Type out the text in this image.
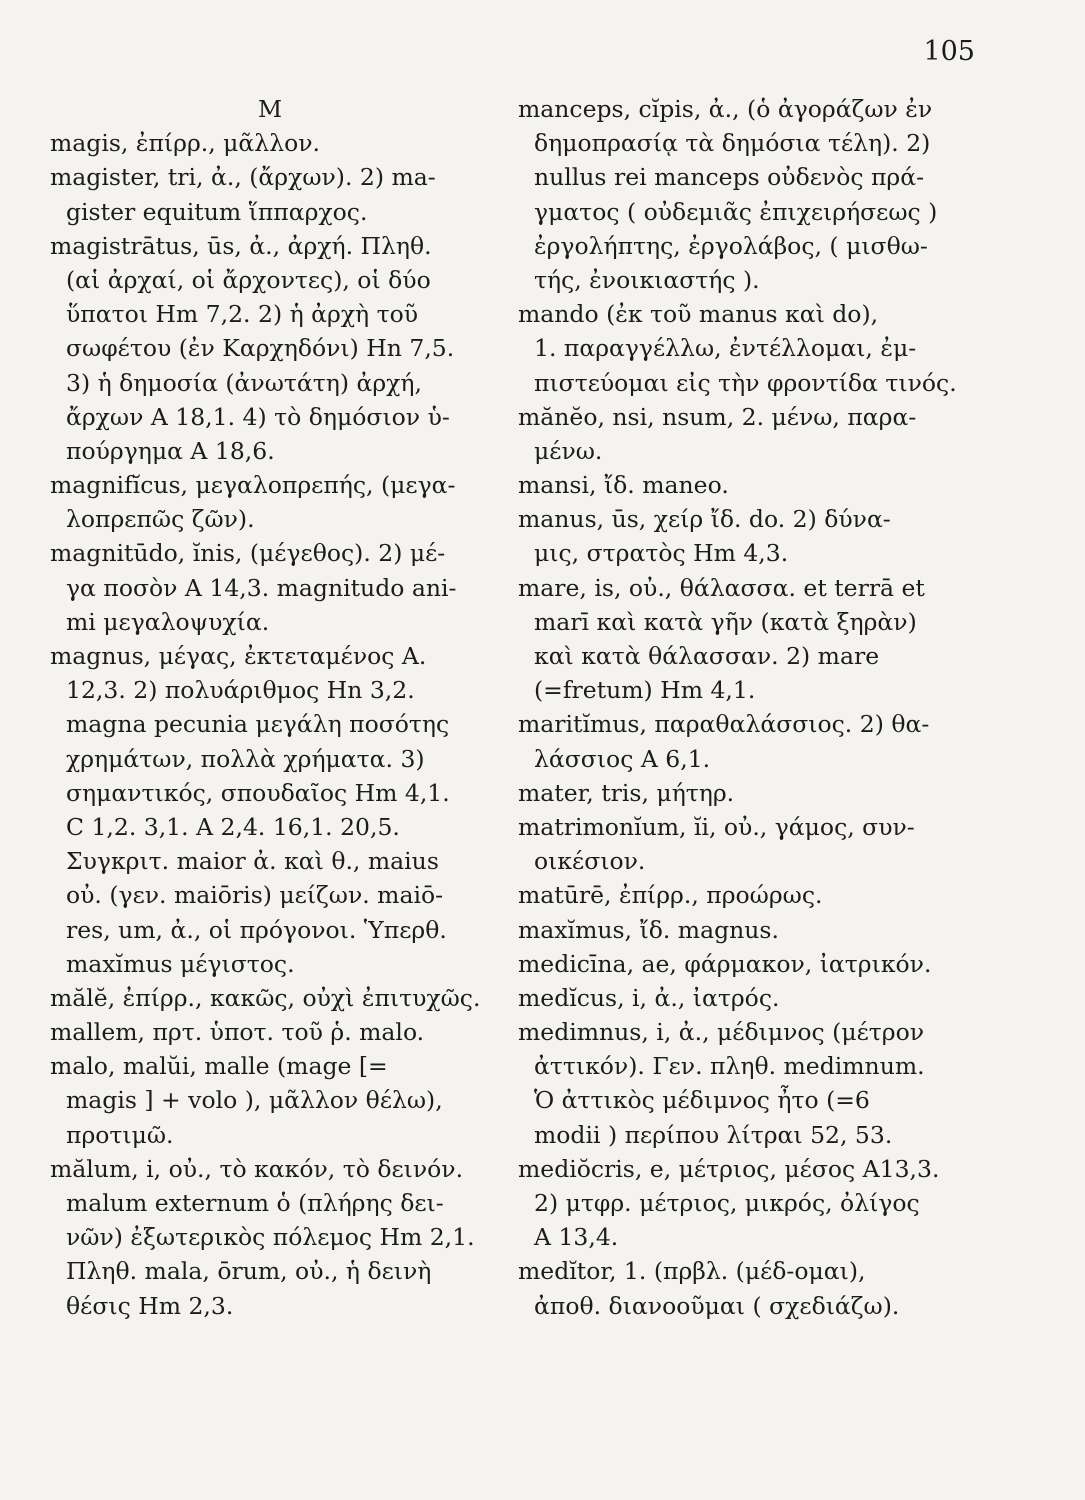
105
M
magis, ἐπίρρ., μᾶλλον.
magister, tri, ἀ., (ἄρχων). 2) ma-
gister equitum ἵππαρχος.
magistrātus, ūs, ἀ., ἀρχή. Πληθ.
(αἱ ἀρχαί, οἱ ἄρχοντες), οἱ δύο
ὕπατοι Hm 7,2. 2) ἡ ἀρχὴ τοῦ
σωφέτου (ἐν Καρχηδόνι) Hn 7,5.
3) ἡ δημοσία (ἀνωτάτη) ἀρχή,
ἄρχων A 18,1. 4) τὸ δημόσιον ὑ-
πούργημα A 18,6.
magnifĭcus, μεγαλοπρεπής, (μεγα-
λοπρεπῶς ζῶν).
magnitūdo, ĭnis, (μέγεθος). 2) μέ-
γα ποσὸν A 14,3. magnitudo ani-
mi μεγαλοψυχία.
magnus, μέγας, ἐκτεταμένος A.
12,3. 2) πολυάριθμος Hn 3,2.
magna pecunia μεγάλη ποσότης
χρημάτων, πολλὰ χρήματα. 3)
σημαντικός, σπουδαῖος Hm 4,1.
C 1,2. 3,1. A 2,4. 16,1. 20,5.
Συγκριτ. maior ἀ. καὶ θ., maius
οὐ. (γεν. maiōris) μείζων. maiō-
res, um, ἀ., οἱ πρόγονοι. Ὑπερθ.
maxĭmus μέγιστος.
mălĕ, ἐπίρρ., κακῶς, οὐχὶ ἐπιτυχῶς.
mallem, πρτ. ὑποτ. τοῦ ῥ. malo.
malo, malŭi, malle (mage [=
magis ] + volo ), μᾶλλον θέλω),
προτιμῶ.
mălum, i, οὐ., τὸ κακόν, τὸ δεινόν.
malum externum ὁ (πλήρης δει-
νῶν) ἐξωτερικὸς πόλεμος Hm 2,1.
Πληθ. mala, ōrum, οὐ., ἡ δεινὴ
θέσις Hm 2,3.
manceps, cĭpis, ἀ., (ὁ ἀγοράζων ἐν
δημοπρασίᾳ τὰ δημόσια τέλη). 2)
nullus rei manceps οὐδενὸς πρά-
γματος ( οὐδεμιᾶς ἐπιχειρήσεως )
ἐργολήπτης, ἐργολάβος, ( μισθω-
τής, ἐνοικιαστής ).
mando (ἐκ τοῦ manus καὶ do),
1. παραγγέλλω, ἐντέλλομαι, ἐμ-
πιστεύομαι εἰς τὴν φροντίδα τινός.
mănĕo, nsi, nsum, 2. μένω, παρα-
μένω.
mansi, ἴδ. maneo.
manus, ūs, χείρ ἴδ. do. 2) δύνα-
μις, στρατὸς Hm 4,3.
mare, is, οὐ., θάλασσα. et terrā et
marī καὶ κατὰ γῆν (κατὰ ξηρὰν)
καὶ κατὰ θάλασσαν. 2) mare
(=fretum) Hm 4,1.
maritĭmus, παραθαλάσσιος. 2) θα-
λάσσιος A 6,1.
mater, tris, μήτηρ.
matrimonĭum, ĭi, οὐ., γάμος, συν-
οικέσιον.
matūrē, ἐπίρρ., προώρως.
maxĭmus, ἴδ. magnus.
medicīna, ae, φάρμακον, ἰατρικόν.
medĭcus, i, ἀ., ἰατρός.
medimnus, i, ἀ., μέδιμνος (μέτρον
ἀττικόν). Γεν. πληθ. medimnum.
Ὁ ἀττικὸς μέδιμνος ἦτο (=6
modii ) περίπου λίτραι 52, 53.
mediŏcris, e, μέτριος, μέσος A13,3.
2) μτφρ. μέτριος, μικρός, ὀλίγος
A 13,4.
medĭtor, 1. (πρβλ. (μέδ-ομαι),
ἀποθ. διανοοῦμαι ( σχεδιάζω).
